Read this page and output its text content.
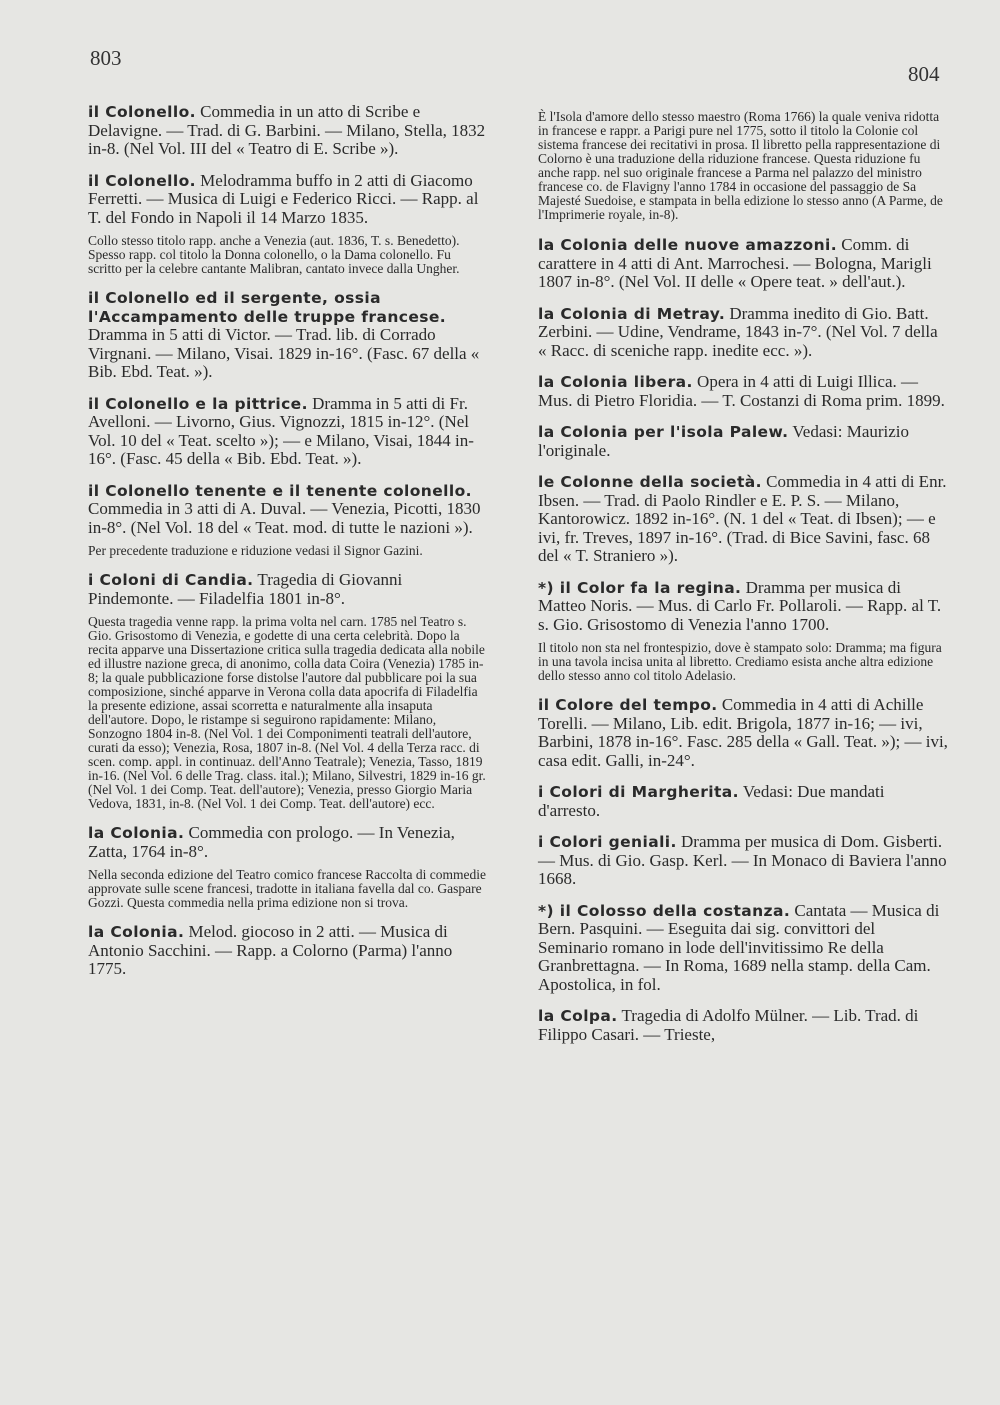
803
804
il Colonello. Commedia in un atto di Scribe e Delavigne. — Trad. di G. Barbini. — Milano, Stella, 1832 in-8. (Nel Vol. III del « Teatro di E. Scribe »).
il Colonello. Melodramma buffo in 2 atti di Giacomo Ferretti. — Musica di Luigi e Federico Ricci. — Rapp. al T. del Fondo in Napoli il 14 Marzo 1835.
Collo stesso titolo rapp. anche a Venezia (aut. 1836, T. s. Benedetto). Spesso rapp. col titolo la Donna colonello, o la Dama colonello. Fu scritto per la celebre cantante Malibran, cantato invece dalla Ungher.
il Colonello ed il sergente, ossia l'Accampamento delle truppe francese. Dramma in 5 atti di Victor. — Trad. lib. di Corrado Virgnani. — Milano, Visai. 1829 in-16°. (Fasc. 67 della « Bib. Ebd. Teat. »).
il Colonello e la pittrice. Dramma in 5 atti di Fr. Avelloni. — Livorno, Gius. Vignozzi, 1815 in-12°. (Nel Vol. 10 del « Teat. scelto »); — e Milano, Visai, 1844 in-16°. (Fasc. 45 della « Bib. Ebd. Teat. »).
il Colonello tenente e il tenente colonello. Commedia in 3 atti di A. Duval. — Venezia, Picotti, 1830 in-8°. (Nel Vol. 18 del « Teat. mod. di tutte le nazioni »).
Per precedente traduzione e riduzione vedasi il Signor Gazini.
i Coloni di Candia. Tragedia di Giovanni Pindemonte. — Filadelfia 1801 in-8°.
Questa tragedia venne rapp. la prima volta nel carn. 1785 nel Teatro s. Gio. Grisostomo di Venezia, e godette di una certa celebrità. Dopo la recita apparve una Dissertazione critica sulla tragedia dedicata alla nobile ed illustre nazione greca, di anonimo, colla data Coira (Venezia) 1785 in-8; la quale pubblicazione forse distolse l'autore dal pubblicare poi la sua composizione, sinché apparve in Verona colla data apocrifa di Filadelfia la presente edizione, assai scorretta e naturalmente alla insaputa dell'autore. Dopo, le ristampe si seguirono rapidamente: Milano, Sonzogno 1804 in-8. (Nel Vol. 1 dei Componimenti teatrali dell'autore, curati da esso); Venezia, Rosa, 1807 in-8. (Nel Vol. 4 della Terza racc. di scen. comp. appl. in continuaz. dell'Anno Teatrale); Venezia, Tasso, 1819 in-16. (Nel Vol. 6 delle Trag. class. ital.); Milano, Silvestri, 1829 in-16 gr. (Nel Vol. 1 dei Comp. Teat. dell'autore); Venezia, presso Giorgio Maria Vedova, 1831, in-8. (Nel Vol. 1 dei Comp. Teat. dell'autore) ecc.
la Colonia. Commedia con prologo. — In Venezia, Zatta, 1764 in-8°.
Nella seconda edizione del Teatro comico francese Raccolta di commedie approvate sulle scene francesi, tradotte in italiana favella dal co. Gaspare Gozzi. Questa commedia nella prima edizione non si trova.
la Colonia. Melod. giocoso in 2 atti. — Musica di Antonio Sacchini. — Rapp. a Colorno (Parma) l'anno 1775.
È l'Isola d'amore dello stesso maestro (Roma 1766) la quale veniva ridotta in francese e rappr. a Parigi pure nel 1775, sotto il titolo la Colonie col sistema francese dei recitativi in prosa. Il libretto pella rappresentazione di Colorno è una traduzione della riduzione francese. Questa riduzione fu anche rapp. nel suo originale francese a Parma nel palazzo del ministro francese co. de Flavigny l'anno 1784 in occasione del passaggio de Sa Majesté Suedoise, e stampata in bella edizione lo stesso anno (A Parme, de l'Imprimerie royale, in-8).
la Colonia delle nuove amazzoni. Comm. di carattere in 4 atti di Ant. Marrochesi. — Bologna, Marigli 1807 in-8°. (Nel Vol. II delle « Opere teat. » dell'aut.).
la Colonia di Metray. Dramma inedito di Gio. Batt. Zerbini. — Udine, Vendrame, 1843 in-7°. (Nel Vol. 7 della « Racc. di sceniche rapp. inedite ecc. »).
la Colonia libera. Opera in 4 atti di Luigi Illica. — Mus. di Pietro Floridia. — T. Costanzi di Roma prim. 1899.
la Colonia per l'isola Palew. Vedasi: Maurizio l'originale.
le Colonne della società. Commedia in 4 atti di Enr. Ibsen. — Trad. di Paolo Rindler e E. P. S. — Milano, Kantorowicz. 1892 in-16°. (N. 1 del « Teat. di Ibsen); — e ivi, fr. Treves, 1897 in-16°. (Trad. di Bice Savini, fasc. 68 del « T. Straniero »).
*) il Color fa la regina. Dramma per musica di Matteo Noris. — Mus. di Carlo Fr. Pollaroli. — Rapp. al T. s. Gio. Grisostomo di Venezia l'anno 1700.
Il titolo non sta nel frontespizio, dove è stampato solo: Dramma; ma figura in una tavola incisa unita al libretto. Crediamo esista anche altra edizione dello stesso anno col titolo Adelasio.
il Colore del tempo. Commedia in 4 atti di Achille Torelli. — Milano, Lib. edit. Brigola, 1877 in-16; — ivi, Barbini, 1878 in-16°. Fasc. 285 della « Gall. Teat. »); — ivi, casa edit. Galli, in-24°.
i Colori di Margherita. Vedasi: Due mandati d'arresto.
i Colori geniali. Dramma per musica di Dom. Gisberti. — Mus. di Gio. Gasp. Kerl. — In Monaco di Baviera l'anno 1668.
*) il Colosso della costanza. Cantata — Musica di Bern. Pasquini. — Eseguita dai sig. convittori del Seminario romano in lode dell'invitissimo Re della Granbrettagna. — In Roma, 1689 nella stamp. della Cam. Apostolica, in fol.
la Colpa. Tragedia di Adolfo Mülner. — Lib. Trad. di Filippo Casari. — Trieste,
